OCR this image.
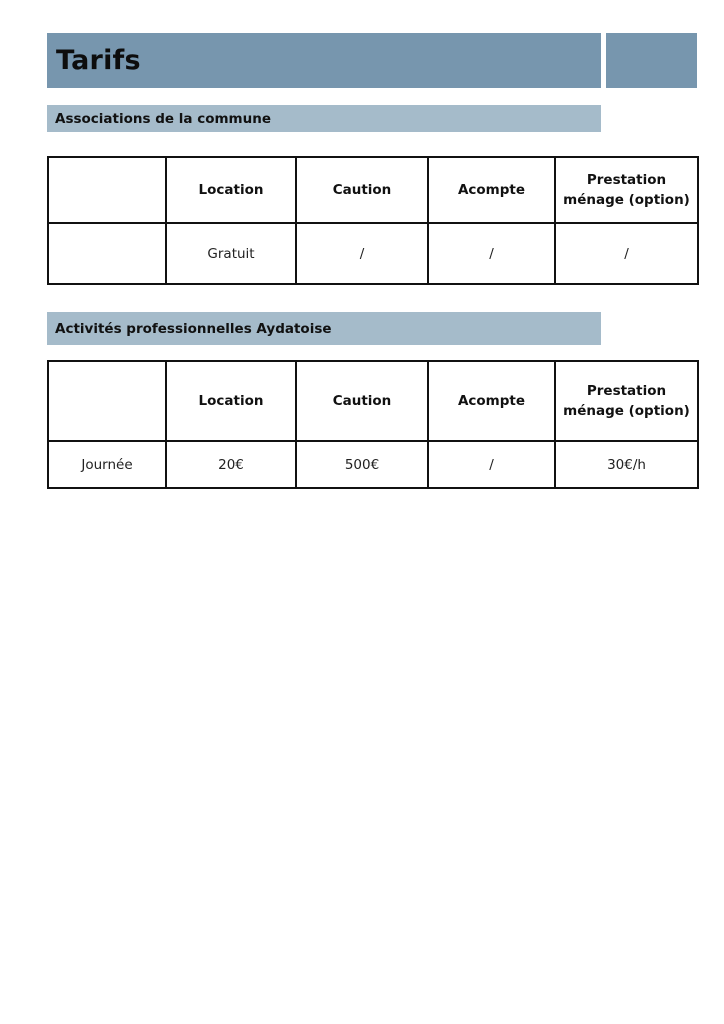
Tarifs
Associations de la commune
	Location	Caution	Acompte	Prestation ménage (option)
	Gratuit	/	/	/
Activités professionnelles Aydatoise
	Location	Caution	Acompte	Prestation ménage (option)
Journée	20€	500€	/	30€/h
